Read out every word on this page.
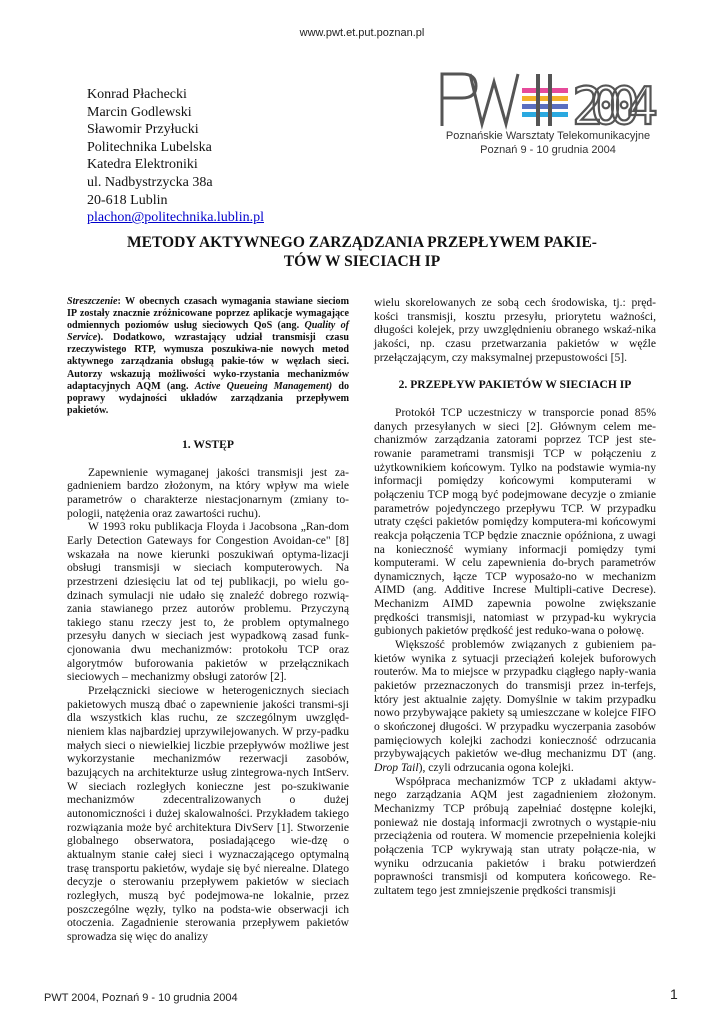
www.pwt.et.put.poznan.pl
Konrad Płachecki
Marcin Godlewski
Sławomir Przyłucki
Politechnika Lubelska
Katedra Elektroniki
ul. Nadbystrzycka 38a
20-618 Lublin
plachon@politechnika.lublin.pl
2004
Poznańskie Warsztaty Telekomunikacyjne
Poznań 9 - 10 grudnia 2004
METODY AKTYWNEGO ZARZĄDZANIA PRZEPŁYWEM PAKIE-
TÓW W SIECIACH IP
Streszczenie: W obecnych czasach wymagania stawiane sieciom IP zostały znacznie zróżnicowane poprzez aplikacje wymagające odmiennych poziomów usług sieciowych QoS (ang. Quality of Service). Dodatkowo, wzrastający udział transmisji czasu rzeczywistego RTP, wymusza poszukiwa-nie nowych metod aktywnego zarządzania obsługą pakie-tów w węzłach sieci. Autorzy wskazują możliwości wyko-rzystania mechanizmów adaptacyjnych AQM (ang. Active Queueing Management) do poprawy wydajności układów zarządzania przepływem pakietów.
1. WSTĘP
Zapewnienie wymaganej jakości transmisji jest za-gadnieniem bardzo złożonym, na który wpływ ma wiele parametrów o charakterze niestacjonarnym (zmiany to-pologii, natężenia oraz zawartości ruchu).
W 1993 roku publikacja Floyda i Jacobsona „Ran-dom Early Detection Gateways for Congestion Avoidan-ce" [8] wskazała na nowe kierunki poszukiwań optyma-lizacji obsługi transmisji w sieciach komputerowych. Na przestrzeni dziesięciu lat od tej publikacji, po wielu go-dzinach symulacji nie udało się znaleźć dobrego rozwią-zania stawianego przez autorów problemu. Przyczyną takiego stanu rzeczy jest to, że problem optymalnego przesyłu danych w sieciach jest wypadkową zasad funk-cjonowania dwu mechanizmów: protokołu TCP oraz algorytmów buforowania pakietów w przełącznikach sieciowych – mechanizmy obsługi zatorów [2].
Przełącznicki sieciowe w heterogenicznych sieciach pakietowych muszą dbać o zapewnienie jakości transmi-sji dla wszystkich klas ruchu, ze szczególnym uwzględ-nieniem klas najbardziej uprzywilejowanych. W przy-padku małych sieci o niewielkiej liczbie przepływów możliwe jest wykorzystanie mechanizmów rezerwacji zasobów, bazujących na architekturze usług zintegrowa-nych IntServ. W sieciach rozległych konieczne jest po-szukiwanie mechanizmów zdecentralizowanych o dużej autonomiczności i dużej skalowalności. Przykładem takiego rozwiązania może być architektura DivServ [1]. Stworzenie globalnego obserwatora, posiadającego wie-dzę o aktualnym stanie całej sieci i wyznaczającego optymalną trasę transportu pakietów, wydaje się być nierealne. Dlatego decyzje o sterowaniu przepływem pakietów w sieciach rozległych, muszą być podejmowa-ne lokalnie, przez poszczególne węzły, tylko na podsta-wie obserwacji ich otoczenia. Zagadnienie sterowania przepływem pakietów sprowadza się więc do analizy
wielu skorelowanych ze sobą cech środowiska, tj.: pręd-kości transmisji, kosztu przesyłu, priorytetu ważności, długości kolejek, przy uwzględnieniu obranego wskaź-nika jakości, np. czasu przetwarzania pakietów w węźle przełączającym, czy maksymalnej przepustowości [5].
2. PRZEPŁYW PAKIETÓW W SIECIACH IP
Protokół TCP uczestniczy w transporcie ponad 85% danych przesyłanych w sieci [2]. Głównym celem me-chanizmów zarządzania zatorami poprzez TCP jest ste-rowanie parametrami transmisji TCP w połączeniu z użytkownikiem końcowym. Tylko na podstawie wymia-ny informacji pomiędzy końcowymi komputerami w połączeniu TCP mogą być podejmowane decyzje o zmianie parametrów pojedynczego przepływu TCP. W przypadku utraty części pakietów pomiędzy komputera-mi końcowymi reakcja połączenia TCP będzie znacznie opóźniona, z uwagi na konieczność wymiany informacji pomiędzy tymi komputerami. W celu zapewnienia do-brych parametrów dynamicznych, łącze TCP wyposażo-no w mechanizm AIMD (ang. Additive Increse Multipli-cative Decrese). Mechanizm AIMD zapewnia powolne zwiększanie prędkości transmisji, natomiast w przypad-ku wykrycia gubionych pakietów prędkość jest reduko-wana o połowę.
Większość problemów związanych z gubieniem pa-kietów wynika z sytuacji przeciążeń kolejek buforowych routerów. Ma to miejsce w przypadku ciągłego napły-wania pakietów przeznaczonych do transmisji przez in-terfejs, który jest aktualnie zajęty. Domyślnie w takim przypadku nowo przybywające pakiety są umieszczane w kolejce FIFO o skończonej długości. W przypadku wyczerpania zasobów pamięciowych kolejki zachodzi konieczność odrzucania przybywających pakietów we-dług mechanizmu DT (ang. Drop Tail), czyli odrzucania ogona kolejki.
Współpraca mechanizmów TCP z układami aktyw-nego zarządzania AQM jest zagadnieniem złożonym. Mechanizmy TCP próbują zapełniać dostępne kolejki, ponieważ nie dostają informacji zwrotnych o wystąpie-niu przeciążenia od routera. W momencie przepełnienia kolejki połączenia TCP wykrywają stan utraty połącze-nia, w wyniku odrzucania pakietów i braku potwierdzeń poprawności transmisji od komputera końcowego. Re-zultatem tego jest zmniejszenie prędkości transmisji
PWT 2004, Poznań 9 - 10 grudnia 2004	1
